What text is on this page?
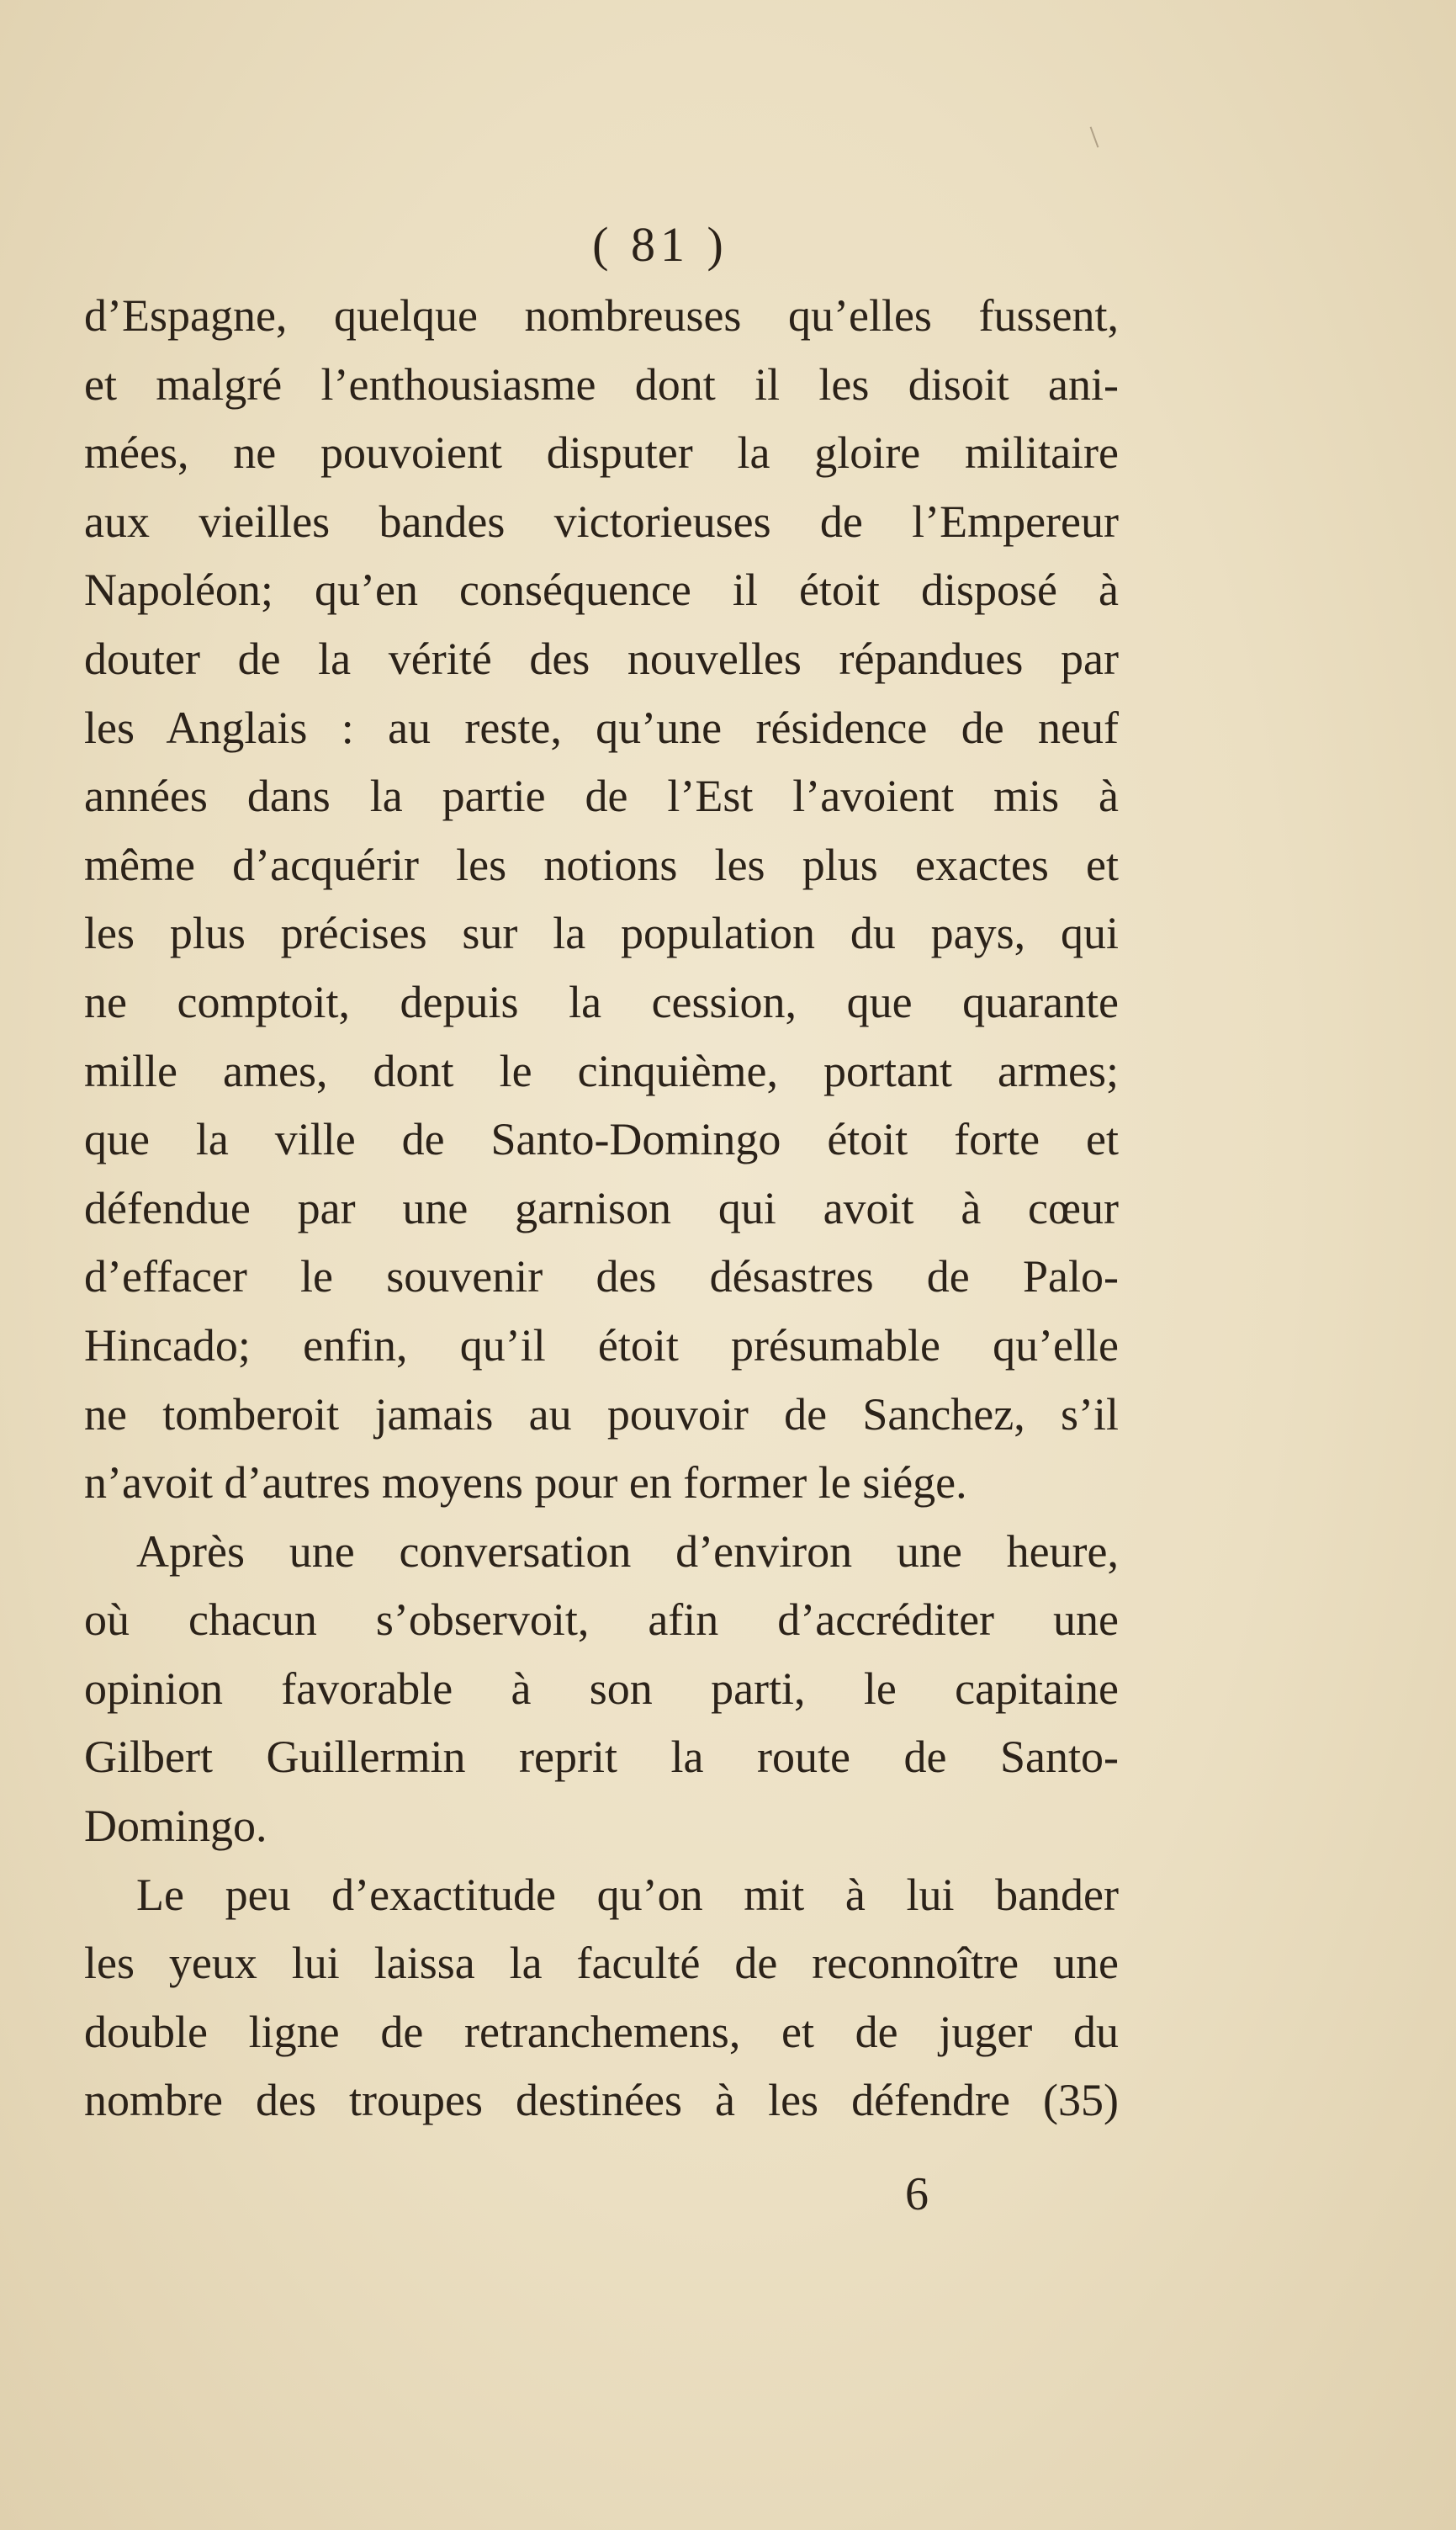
( 81 )
d’Espagne, quelque nombreuses qu’elles fussent,
et malgré l’enthousiasme dont il les disoit ani-
mées, ne pouvoient disputer la gloire militaire
aux vieilles bandes victorieuses de l’Empereur
Napoléon; qu’en conséquence il étoit disposé à
douter de la vérité des nouvelles répandues par
les Anglais : au reste, qu’une résidence de neuf
années dans la partie de l’Est l’avoient mis à
même d’acquérir les notions les plus exactes et
les plus précises sur la population du pays, qui
ne comptoit, depuis la cession, que quarante
mille ames, dont le cinquième, portant armes;
que la ville de Santo-Domingo étoit forte et
défendue par une garnison qui avoit à cœur
d’effacer le souvenir des désastres de Palo-
Hincado; enfin, qu’il étoit présumable qu’elle
ne tomberoit jamais au pouvoir de Sanchez, s’il
n’avoit d’autres moyens pour en former le siége.
Après une conversation d’environ une heure,
où chacun s’observoit, afin d’accréditer une
opinion favorable à son parti, le capitaine
Gilbert Guillermin reprit la route de Santo-
Domingo.
Le peu d’exactitude qu’on mit à lui bander
les yeux lui laissa la faculté de reconnoître une
double ligne de retranchemens, et de juger du
nombre des troupes destinées à les défendre (35)
6
